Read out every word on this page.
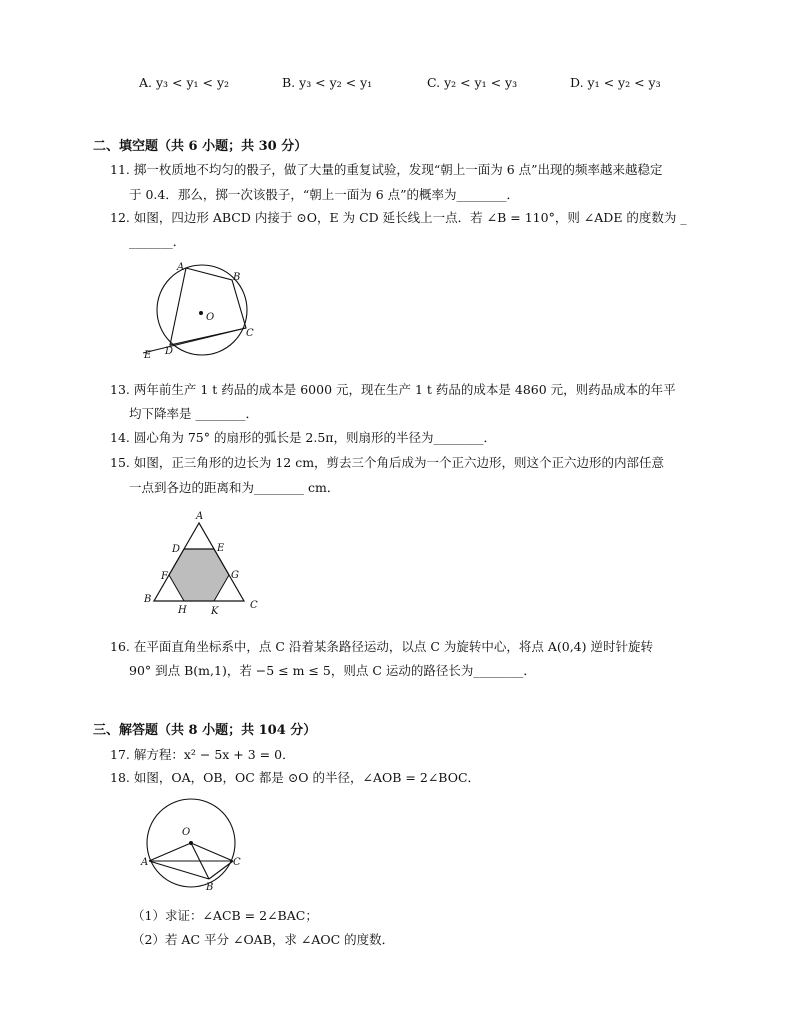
A. y₃ < y₁ < y₂	B. y₃ < y₂ < y₁	C. y₂ < y₁ < y₃	D. y₁ < y₂ < y₃
二、填空题（共 6 小题；共 30 分）
11. 掷一枚质地不均匀的骰子，做了大量的重复试验，发现“朝上一面为 6 点”出现的频率越来越稳定
于 0.4．那么，掷一次该骰子，“朝上一面为 6 点”的概率为________．
12. 如图，四边形 ABCD 内接于 ⊙O，E 为 CD 延长线上一点．若 ∠B = 110°，则 ∠ADE 的度数为 _
_______．
A
B
C
D
E
O
13. 两年前生产 1 t 药品的成本是 6000 元，现在生产 1 t 药品的成本是 4860 元，则药品成本的年平
均下降率是 ________．
14. 圆心角为 75° 的扇形的弧长是 2.5π，则扇形的半径为________．
15. 如图，正三角形的边长为 12 cm，剪去三个角后成为一个正六边形，则这个正六边形的内部任意
一点到各边的距离和为________ cm．
A
B
C
D	E
F	G
H K
16. 在平面直角坐标系中，点 C 沿着某条路径运动，以点 C 为旋转中心，将点 A(0,4) 逆时针旋转
90° 到点 B(m,1)，若 −5 ≤ m ≤ 5，则点 C 运动的路径长为________．
三、解答题（共 8 小题；共 104 分）
17. 解方程：x² − 5x + 3 = 0．
18. 如图，OA，OB，OC 都是 ⊙O 的半径，∠AOB = 2∠BOC．
O
A	C
B
（1）求证：∠ACB = 2∠BAC；
（2）若 AC 平分 ∠OAB，求 ∠AOC 的度数．
